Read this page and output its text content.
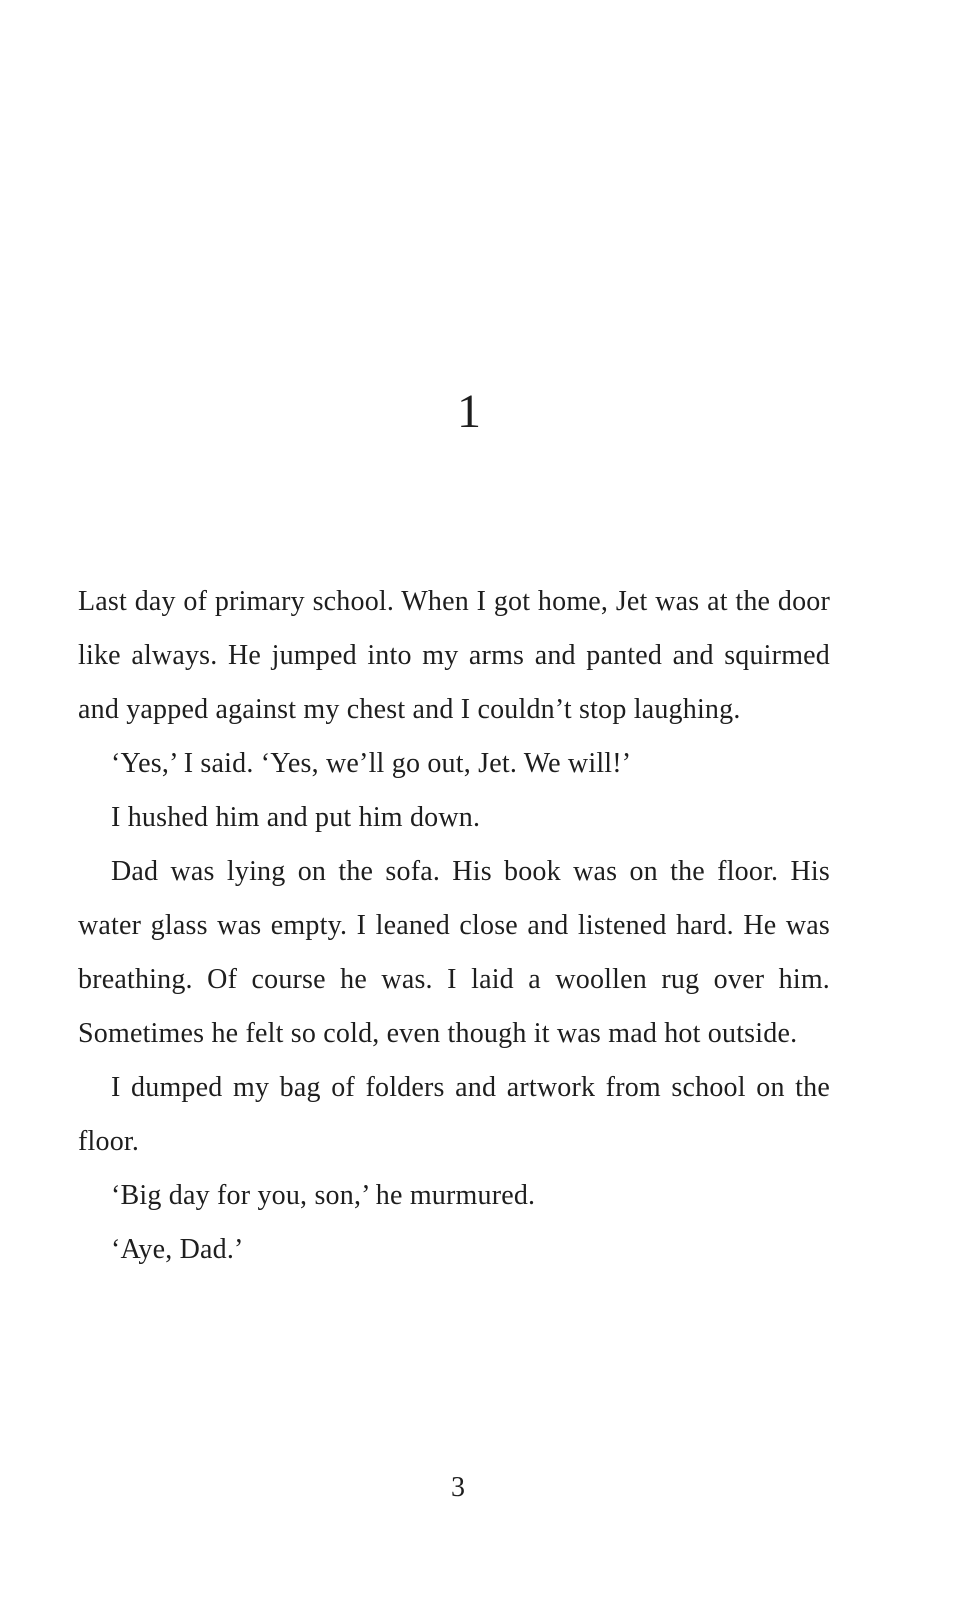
1

Last day of primary school. When I got home, Jet was at the door like always. He jumped into my arms and panted and squirmed and yapped against my chest and I couldn’t stop laughing.

‘Yes,’ I said. ‘Yes, we’ll go out, Jet. We will!’

I hushed him and put him down.

Dad was lying on the sofa. His book was on the floor. His water glass was empty. I leaned close and listened hard. He was breathing. Of course he was. I laid a woollen rug over him. Sometimes he felt so cold, even though it was mad hot outside.

I dumped my bag of folders and artwork from school on the floor.

‘Big day for you, son,’ he murmured.

‘Aye, Dad.’

3
